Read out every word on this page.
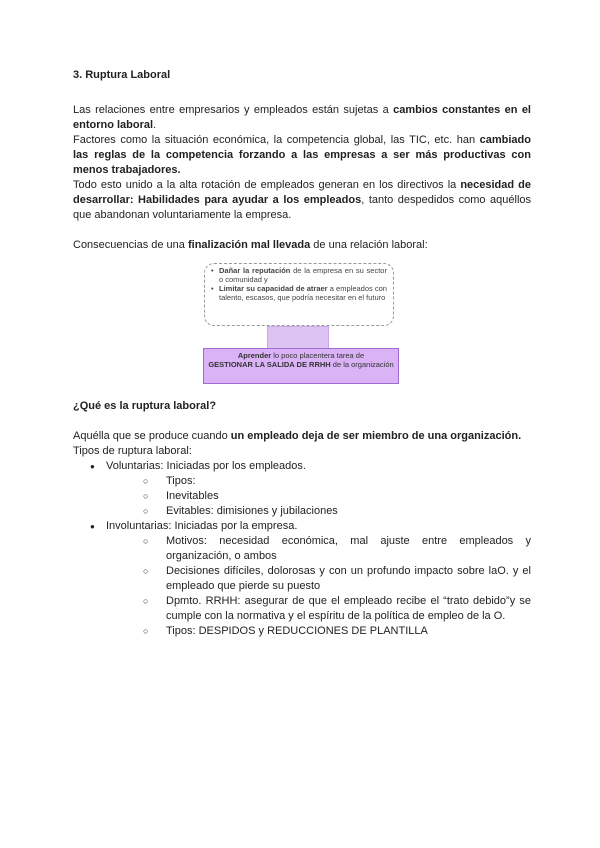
3. Ruptura Laboral

Las relaciones entre empresarios y empleados están sujetas a cambios constantes en el entorno laboral.

Factores como la situación económica, la competencia global, las TIC, etc. han cambiado las reglas de la competencia forzando a las empresas a ser más productivas con menos trabajadores.

Todo esto unido a la alta rotación de empleados generan en los directivos la necesidad de desarrollar: Habilidades para ayudar a los empleados, tanto despedidos como aquéllos que abandonan voluntariamente la empresa.

Consecuencias de una finalización mal llevada de una relación laboral:

• Dañar la reputación de la empresa en su sector o comunidad y
• Limitar su capacidad de atraer a empleados con talento, escasos, que podría necesitar en el futuro
Aprender lo poco placentera tarea de
GESTIONAR LA SALIDA DE RRHH de la organización
¿Qué es la ruptura laboral?

Aquélla que se produce cuando un empleado deja de ser miembro de una organización.

Tipos de ruptura laboral:

● Voluntarias: Iniciadas por los empleados.
○ Tipos:
○ Inevitables
○ Evitables: dimisiones y jubilaciones
● Involuntarias: Iniciadas por la empresa.
○ Motivos: necesidad económica, mal ajuste entre empleados y organización, o ambos
○ Decisiones difíciles, dolorosas y con un profundo impacto sobre laO. y el empleado que pierde su puesto
○ Dpmto. RRHH: asegurar de que el empleado recibe el “trato debido”y se cumple con la normativa y el espíritu de la política de empleo de la O.
○ Tipos: DESPIDOS y REDUCCIONES DE PLANTILLA
